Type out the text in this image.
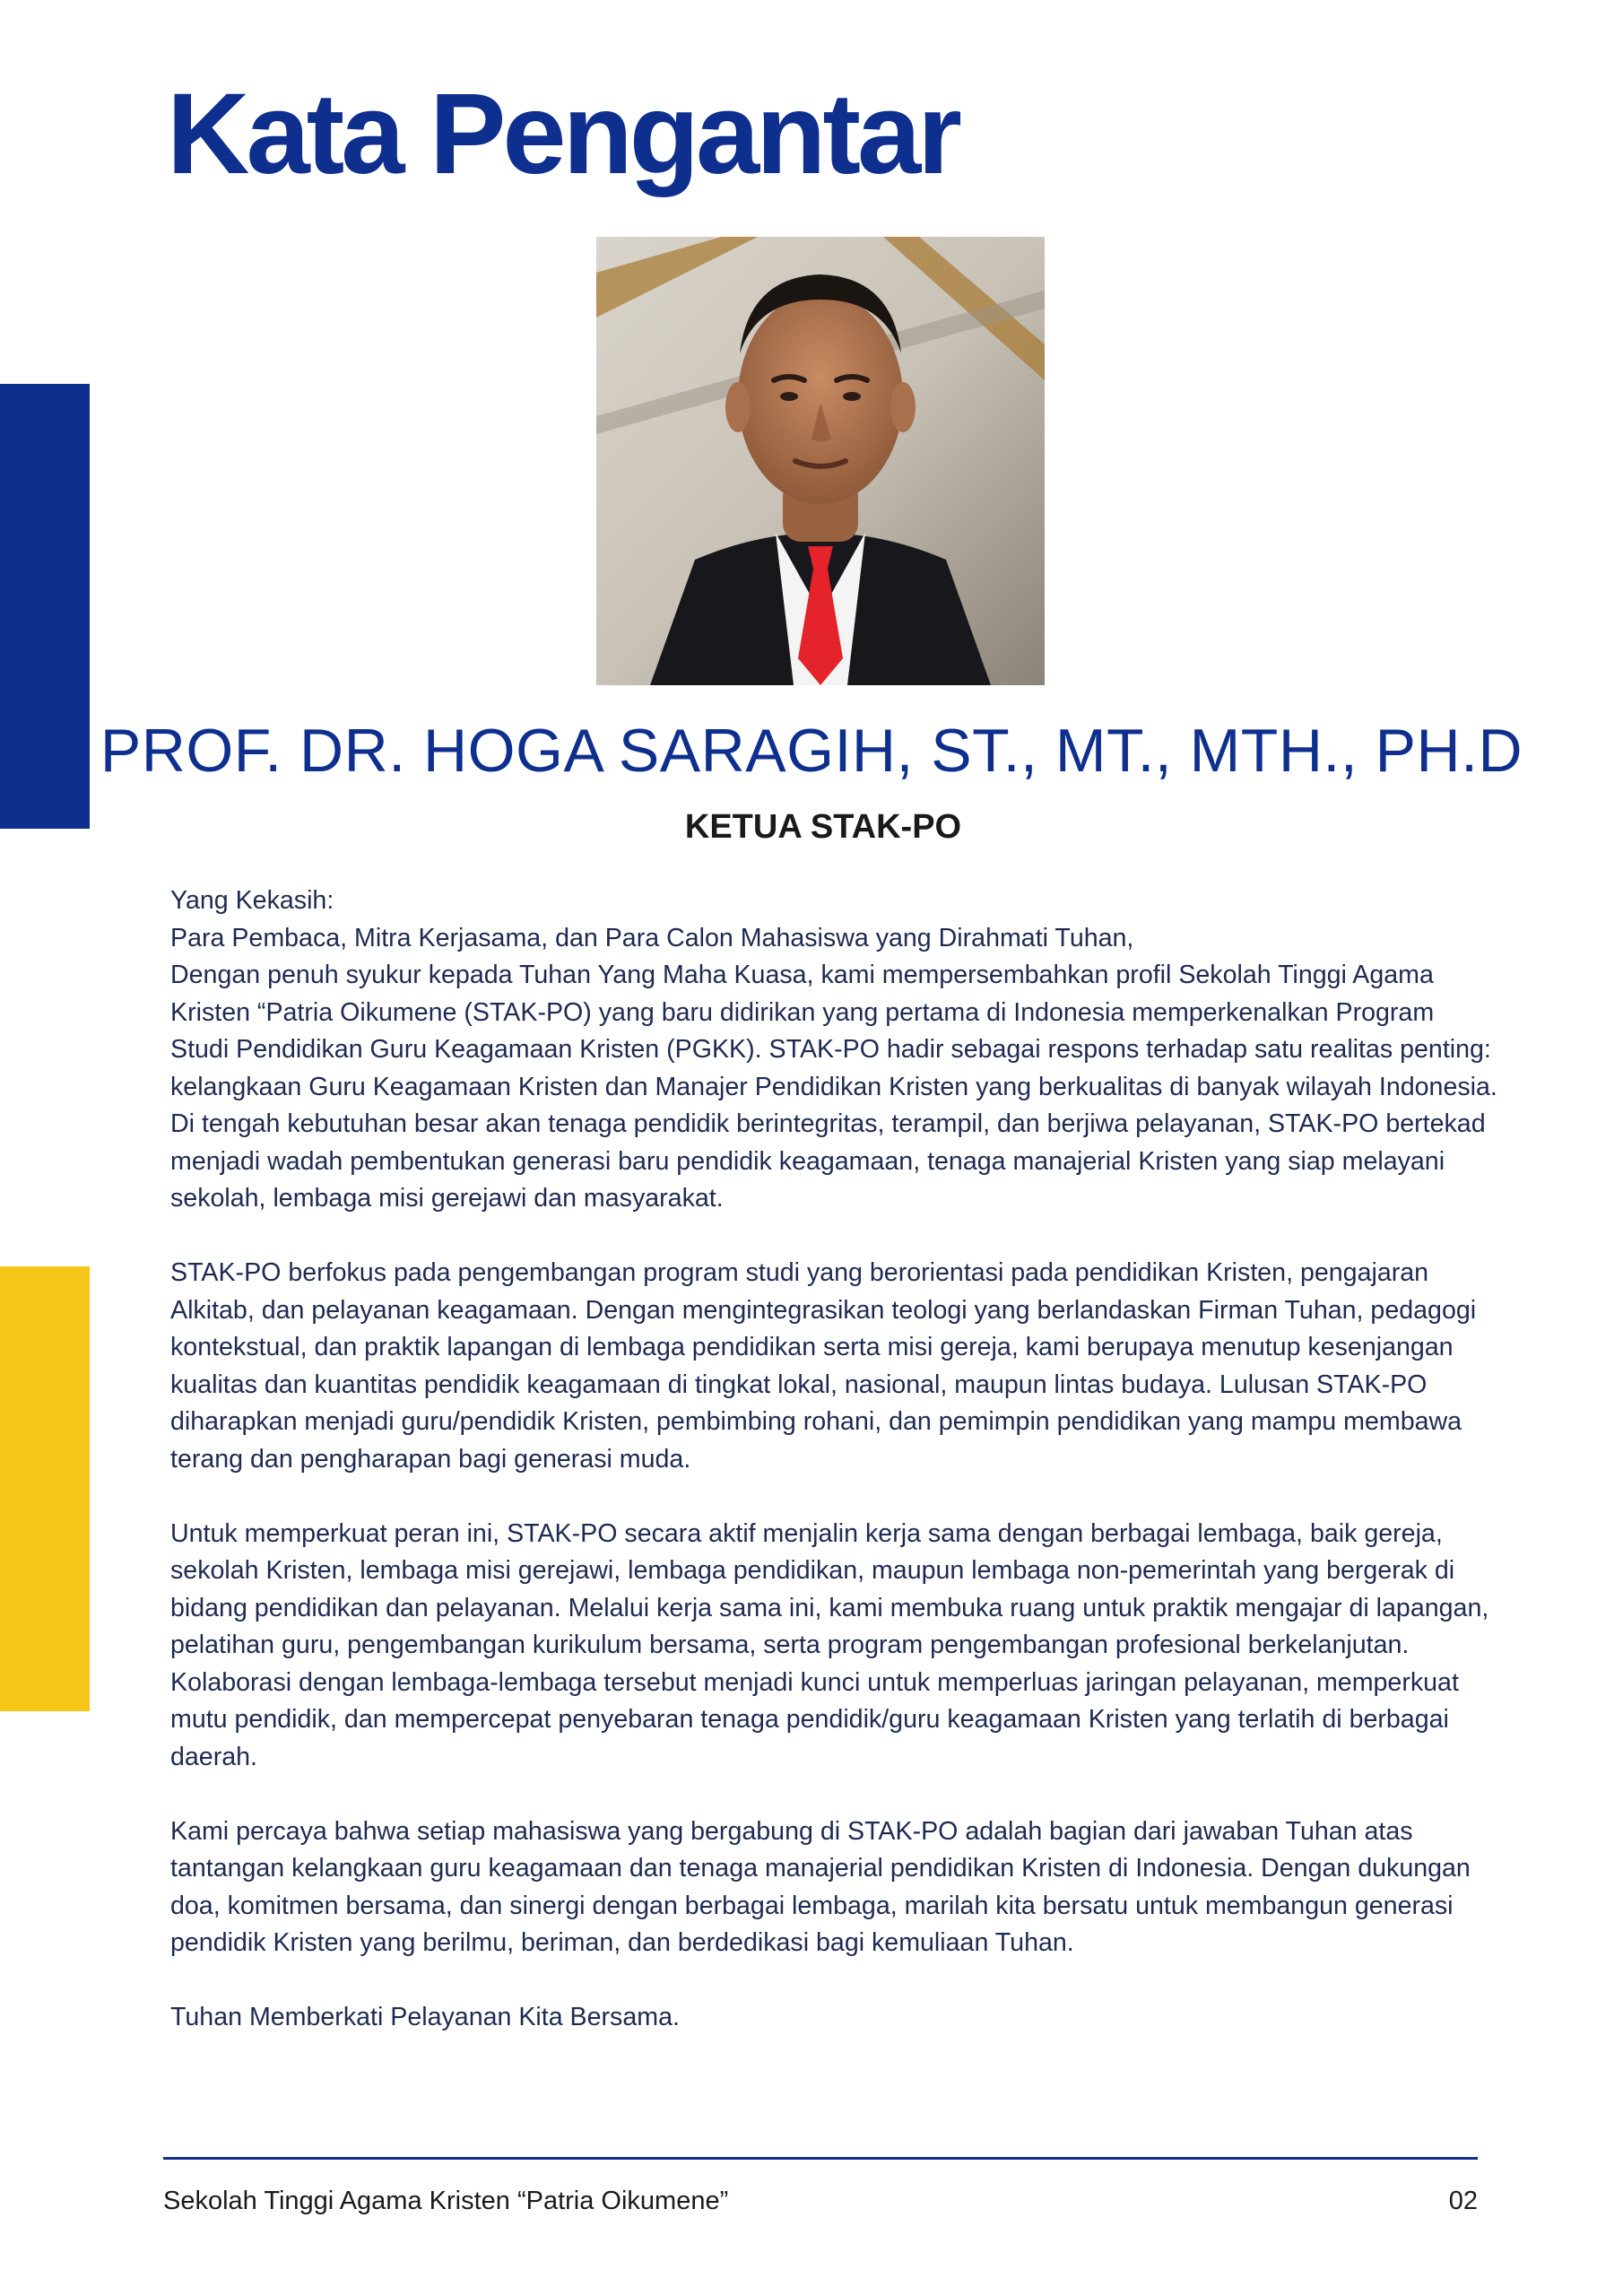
Kata Pengantar
PROF. DR. HOGA SARAGIH, ST., MT., MTH., PH.D
KETUA STAK-PO

Yang Kekasih:

Para Pembaca, Mitra Kerjasama, dan Para Calon Mahasiswa yang Dirahmati Tuhan,

Dengan penuh syukur kepada Tuhan Yang Maha Kuasa, kami mempersembahkan profil Sekolah Tinggi Agama Kristen “Patria Oikumene (STAK-PO) yang baru didirikan yang pertama di Indonesia memperkenalkan Program Studi Pendidikan Guru Keagamaan Kristen (PGKK). STAK-PO hadir sebagai respons terhadap satu realitas penting: kelangkaan Guru Keagamaan Kristen dan Manajer Pendidikan Kristen yang berkualitas di banyak wilayah Indonesia. Di tengah kebutuhan besar akan tenaga pendidik berintegritas, terampil, dan berjiwa pelayanan, STAK-PO bertekad menjadi wadah pembentukan generasi baru pendidik keagamaan, tenaga manajerial Kristen yang siap melayani sekolah, lembaga misi gerejawi dan masyarakat.

STAK-PO berfokus pada pengembangan program studi yang berorientasi pada pendidikan Kristen, pengajaran Alkitab, dan pelayanan keagamaan. Dengan mengintegrasikan teologi yang berlandaskan Firman Tuhan, pedagogi kontekstual, dan praktik lapangan di lembaga pendidikan serta misi gereja, kami berupaya menutup kesenjangan kualitas dan kuantitas pendidik keagamaan di tingkat lokal, nasional, maupun lintas budaya. Lulusan STAK-PO diharapkan menjadi guru/pendidik Kristen, pembimbing rohani, dan pemimpin pendidikan yang mampu membawa terang dan pengharapan bagi generasi muda.

Untuk memperkuat peran ini, STAK-PO secara aktif menjalin kerja sama dengan berbagai lembaga, baik gereja, sekolah Kristen, lembaga misi gerejawi, lembaga pendidikan, maupun lembaga non-pemerintah yang bergerak di bidang pendidikan dan pelayanan. Melalui kerja sama ini, kami membuka ruang untuk praktik mengajar di lapangan, pelatihan guru, pengembangan kurikulum bersama, serta program pengembangan profesional berkelanjutan. Kolaborasi dengan lembaga-lembaga tersebut menjadi kunci untuk memperluas jaringan pelayanan, memperkuat mutu pendidik, dan mempercepat penyebaran tenaga pendidik/guru keagamaan Kristen yang terlatih di berbagai daerah.

Kami percaya bahwa setiap mahasiswa yang bergabung di STAK-PO adalah bagian dari jawaban Tuhan atas tantangan kelangkaan guru keagamaan dan tenaga manajerial pendidikan Kristen di Indonesia. Dengan dukungan doa, komitmen bersama, dan sinergi dengan berbagai lembaga, marilah kita bersatu untuk membangun generasi pendidik Kristen yang berilmu, beriman, dan berdedikasi bagi kemuliaan Tuhan.

Tuhan Memberkati Pelayanan Kita Bersama.

Sekolah Tinggi Agama Kristen “Patria Oikumene”	02
